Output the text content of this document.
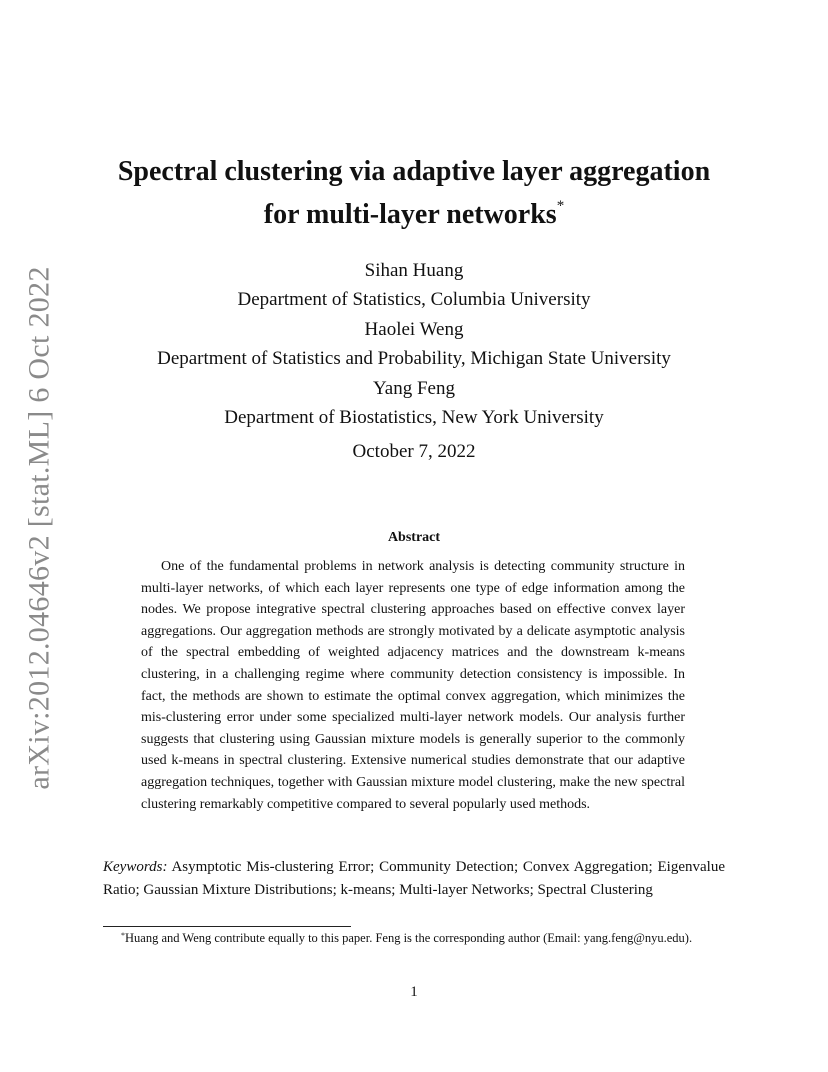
arXiv:2012.04646v2 [stat.ML] 6 Oct 2022
Spectral clustering via adaptive layer aggregation
for multi-layer networks*
Sihan Huang
Department of Statistics, Columbia University
Haolei Weng
Department of Statistics and Probability, Michigan State University
Yang Feng
Department of Biostatistics, New York University
October 7, 2022
Abstract

One of the fundamental problems in network analysis is detecting community structure in multi-layer networks, of which each layer represents one type of edge information among the nodes. We propose integrative spectral clustering approaches based on effective convex layer aggregations. Our aggregation methods are strongly motivated by a delicate asymptotic analysis of the spectral embedding of weighted adjacency matrices and the downstream k-means clustering, in a challenging regime where community detection consistency is impossible. In fact, the methods are shown to estimate the optimal convex aggregation, which minimizes the mis-clustering error under some specialized multi-layer network models. Our analysis further suggests that clustering using Gaussian mixture models is generally superior to the commonly used k-means in spectral clustering. Extensive numerical studies demonstrate that our adaptive aggregation techniques, together with Gaussian mixture model clustering, make the new spectral clustering remarkably competitive compared to several popularly used methods.

Keywords: Asymptotic Mis-clustering Error; Community Detection; Convex Aggregation; Eigenvalue Ratio; Gaussian Mixture Distributions; k-means; Multi-layer Networks; Spectral Clustering

*Huang and Weng contribute equally to this paper. Feng is the corresponding author (Email: yang.feng@nyu.edu).

1
